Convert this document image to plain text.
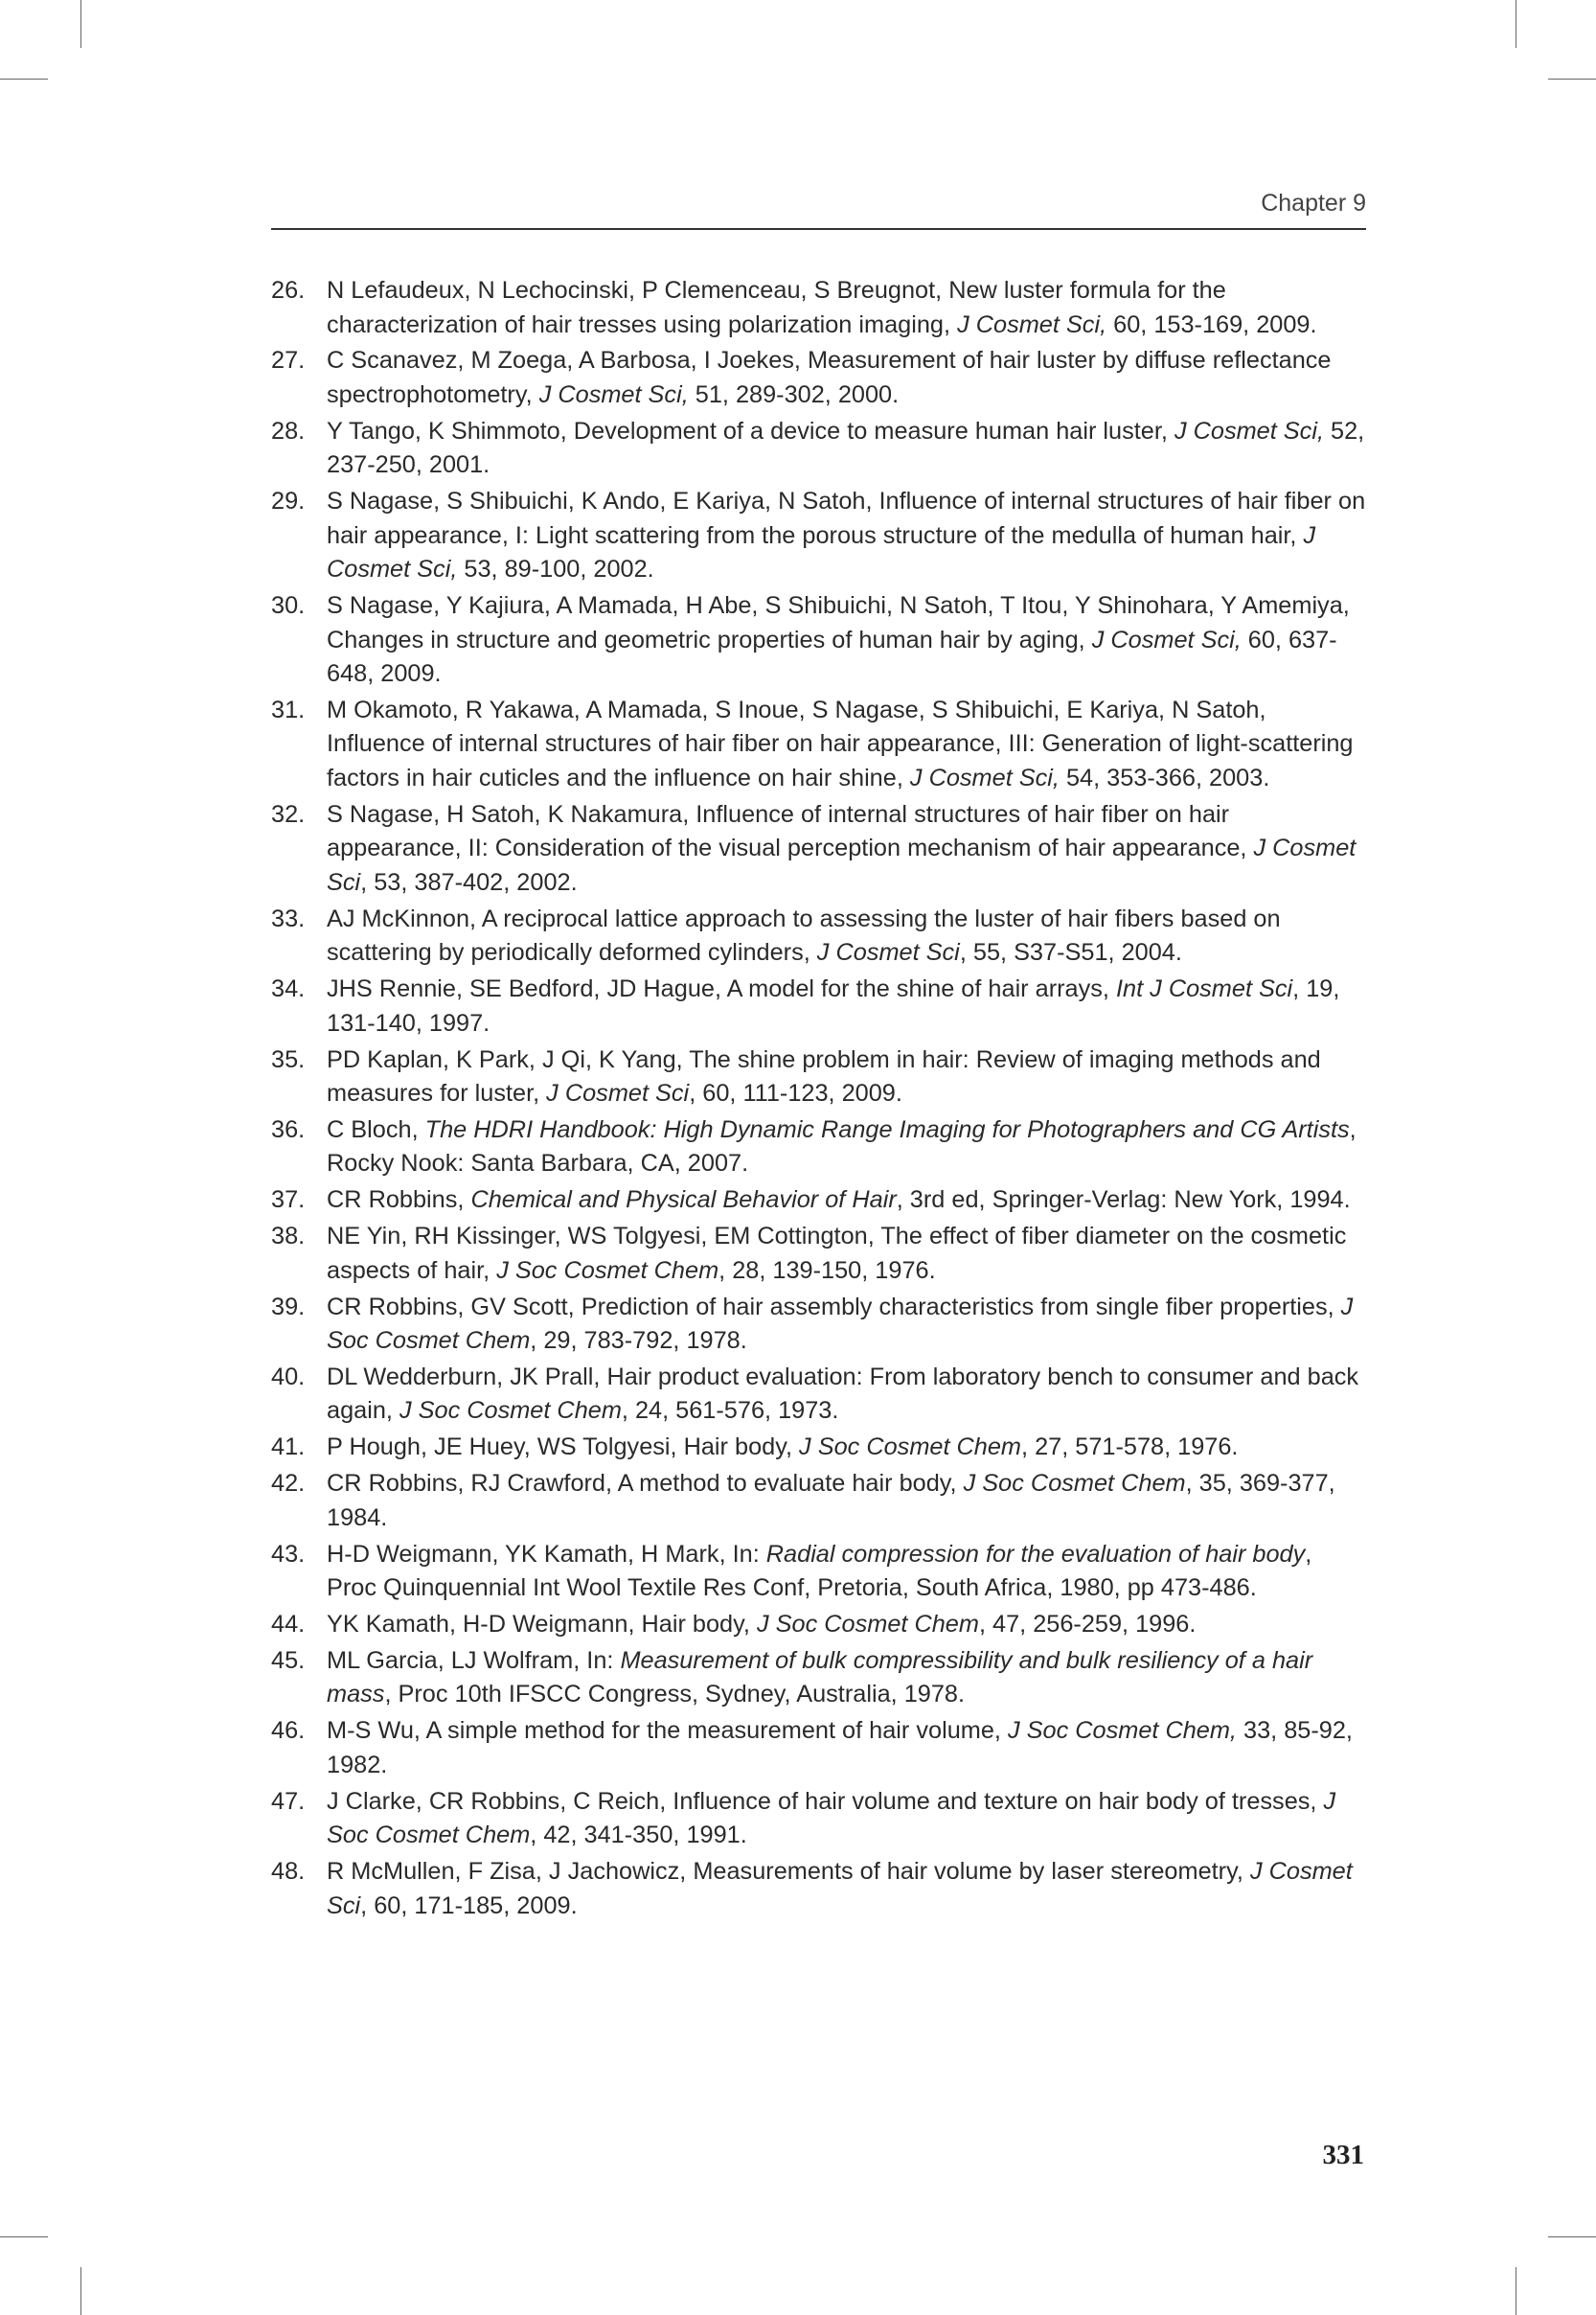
Chapter 9
26. N Lefaudeux, N Lechocinski, P Clemenceau, S Breugnot, New luster formula for the characterization of hair tresses using polarization imaging, J Cosmet Sci, 60, 153-169, 2009.
27. C Scanavez, M Zoega, A Barbosa, I Joekes, Measurement of hair luster by diffuse reflectance spectrophotometry, J Cosmet Sci, 51, 289-302, 2000.
28. Y Tango, K Shimmoto, Development of a device to measure human hair luster, J Cosmet Sci, 52, 237-250, 2001.
29. S Nagase, S Shibuichi, K Ando, E Kariya, N Satoh, Influence of internal structures of hair fiber on hair appearance, I: Light scattering from the porous structure of the medulla of human hair, J Cosmet Sci, 53, 89-100, 2002.
30. S Nagase, Y Kajiura, A Mamada, H Abe, S Shibuichi, N Satoh, T Itou, Y Shinohara, Y Amemiya, Changes in structure and geometric properties of human hair by aging, J Cosmet Sci, 60, 637-648, 2009.
31. M Okamoto, R Yakawa, A Mamada, S Inoue, S Nagase, S Shibuichi, E Kariya, N Satoh, Influence of internal structures of hair fiber on hair appearance, III: Generation of light-scattering factors in hair cuticles and the influence on hair shine, J Cosmet Sci, 54, 353-366, 2003.
32. S Nagase, H Satoh, K Nakamura, Influence of internal structures of hair fiber on hair appearance, II: Consideration of the visual perception mechanism of hair appearance, J Cosmet Sci, 53, 387-402, 2002.
33. AJ McKinnon, A reciprocal lattice approach to assessing the luster of hair fibers based on scattering by periodically deformed cylinders, J Cosmet Sci, 55, S37-S51, 2004.
34. JHS Rennie, SE Bedford, JD Hague, A model for the shine of hair arrays, Int J Cosmet Sci, 19, 131-140, 1997.
35. PD Kaplan, K Park, J Qi, K Yang, The shine problem in hair: Review of imaging methods and measures for luster, J Cosmet Sci, 60, 111-123, 2009.
36. C Bloch, The HDRI Handbook: High Dynamic Range Imaging for Photographers and CG Artists, Rocky Nook: Santa Barbara, CA, 2007.
37. CR Robbins, Chemical and Physical Behavior of Hair, 3rd ed, Springer-Verlag: New York, 1994.
38. NE Yin, RH Kissinger, WS Tolgyesi, EM Cottington, The effect of fiber diameter on the cosmetic aspects of hair, J Soc Cosmet Chem, 28, 139-150, 1976.
39. CR Robbins, GV Scott, Prediction of hair assembly characteristics from single fiber properties, J Soc Cosmet Chem, 29, 783-792, 1978.
40. DL Wedderburn, JK Prall, Hair product evaluation: From laboratory bench to consumer and back again, J Soc Cosmet Chem, 24, 561-576, 1973.
41. P Hough, JE Huey, WS Tolgyesi, Hair body, J Soc Cosmet Chem, 27, 571-578, 1976.
42. CR Robbins, RJ Crawford, A method to evaluate hair body, J Soc Cosmet Chem, 35, 369-377, 1984.
43. H-D Weigmann, YK Kamath, H Mark, In: Radial compression for the evaluation of hair body, Proc Quinquennial Int Wool Textile Res Conf, Pretoria, South Africa, 1980, pp 473-486.
44. YK Kamath, H-D Weigmann, Hair body, J Soc Cosmet Chem, 47, 256-259, 1996.
45. ML Garcia, LJ Wolfram, In: Measurement of bulk compressibility and bulk resiliency of a hair mass, Proc 10th IFSCC Congress, Sydney, Australia, 1978.
46. M-S Wu, A simple method for the measurement of hair volume, J Soc Cosmet Chem, 33, 85-92, 1982.
47. J Clarke, CR Robbins, C Reich, Influence of hair volume and texture on hair body of tresses, J Soc Cosmet Chem, 42, 341-350, 1991.
48. R McMullen, F Zisa, J Jachowicz, Measurements of hair volume by laser stereometry, J Cosmet Sci, 60, 171-185, 2009.
331
